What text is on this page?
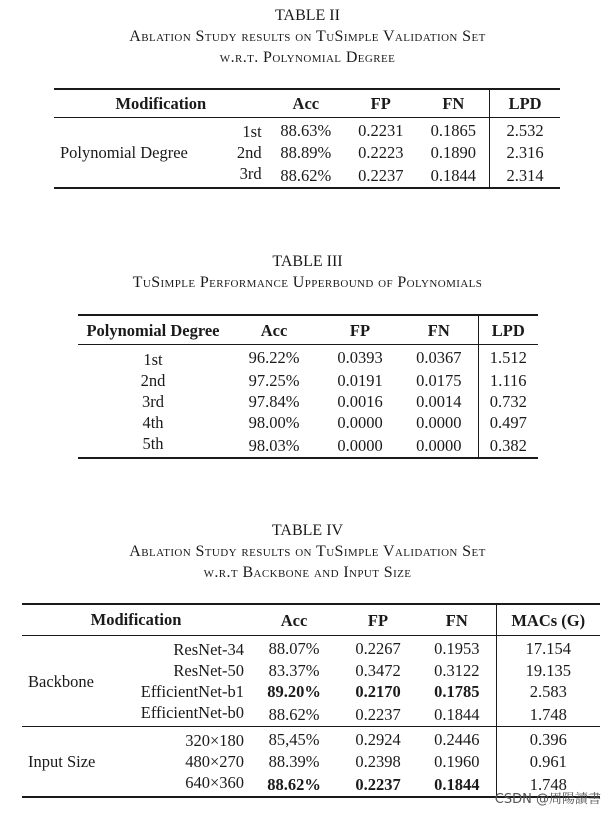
TABLE II
Ablation Study results on TuSimple Validation Set
w.r.t. Polynomial Degree
Modification		Acc	FP	FN	LPD
Polynomial Degree	1st	88.63%	0.2231	0.1865	2.532
	2nd	88.89%	0.2223	0.1890	2.316
	3rd	88.62%	0.2237	0.1844	2.314
TABLE III
TuSimple Performance Upperbound of Polynomials
Polynomial Degree	Acc	FP	FN	LPD
1st	96.22%	0.0393	0.0367	1.512
2nd	97.25%	0.0191	0.0175	1.116
3rd	97.84%	0.0016	0.0014	0.732
4th	98.00%	0.0000	0.0000	0.497
5th	98.03%	0.0000	0.0000	0.382
TABLE IV
Ablation Study results on TuSimple Validation Set
w.r.t Backbone and Input Size
Modification		Acc	FP	FN	MACs (G)
Backbone	ResNet-34	88.07%	0.2267	0.1953	17.154
	ResNet-50	83.37%	0.3472	0.3122	19.135
	EfficientNet-b1	89.20%	0.2170	0.1785	2.583
	EfficientNet-b0	88.62%	0.2237	0.1844	1.748
Input Size	320×180	85,45%	0.2924	0.2446	0.396
	480×270	88.39%	0.2398	0.1960	0.961
	640×360	88.62%	0.2237	0.1844	1.748
CSDN @周陽讀書
